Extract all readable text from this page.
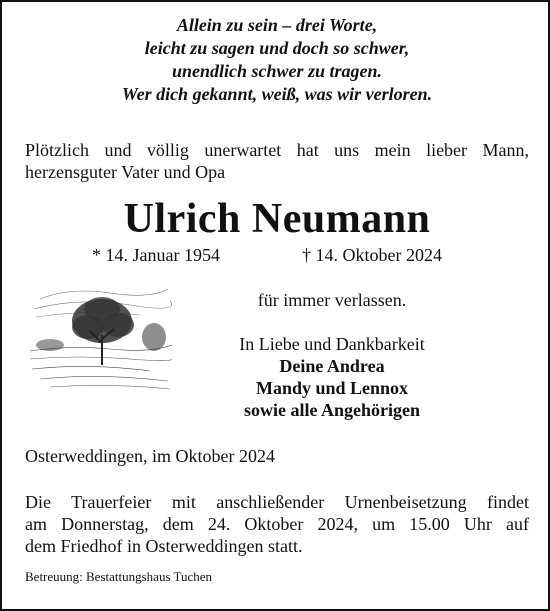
Allein zu sein – drei Worte,
leicht zu sagen und doch so schwer,
unendlich schwer zu tragen.
Wer dich gekannt, weiß, was wir verloren.
Plötzlich und völlig unerwartet hat uns mein lieber Mann,
herzensguter Vater und Opa
Ulrich Neumann
* 14. Januar 1954	† 14. Oktober 2024
für immer verlassen.
In Liebe und Dankbarkeit
Deine Andrea
Mandy und Lennox
sowie alle Angehörigen
Osterweddingen, im Oktober 2024
Die Trauerfeier mit anschließender Urnenbeisetzung findet
am Donnerstag, dem 24. Oktober 2024, um 15.00 Uhr auf
dem Friedhof in Osterweddingen statt.
Betreuung: Bestattungshaus Tuchen
